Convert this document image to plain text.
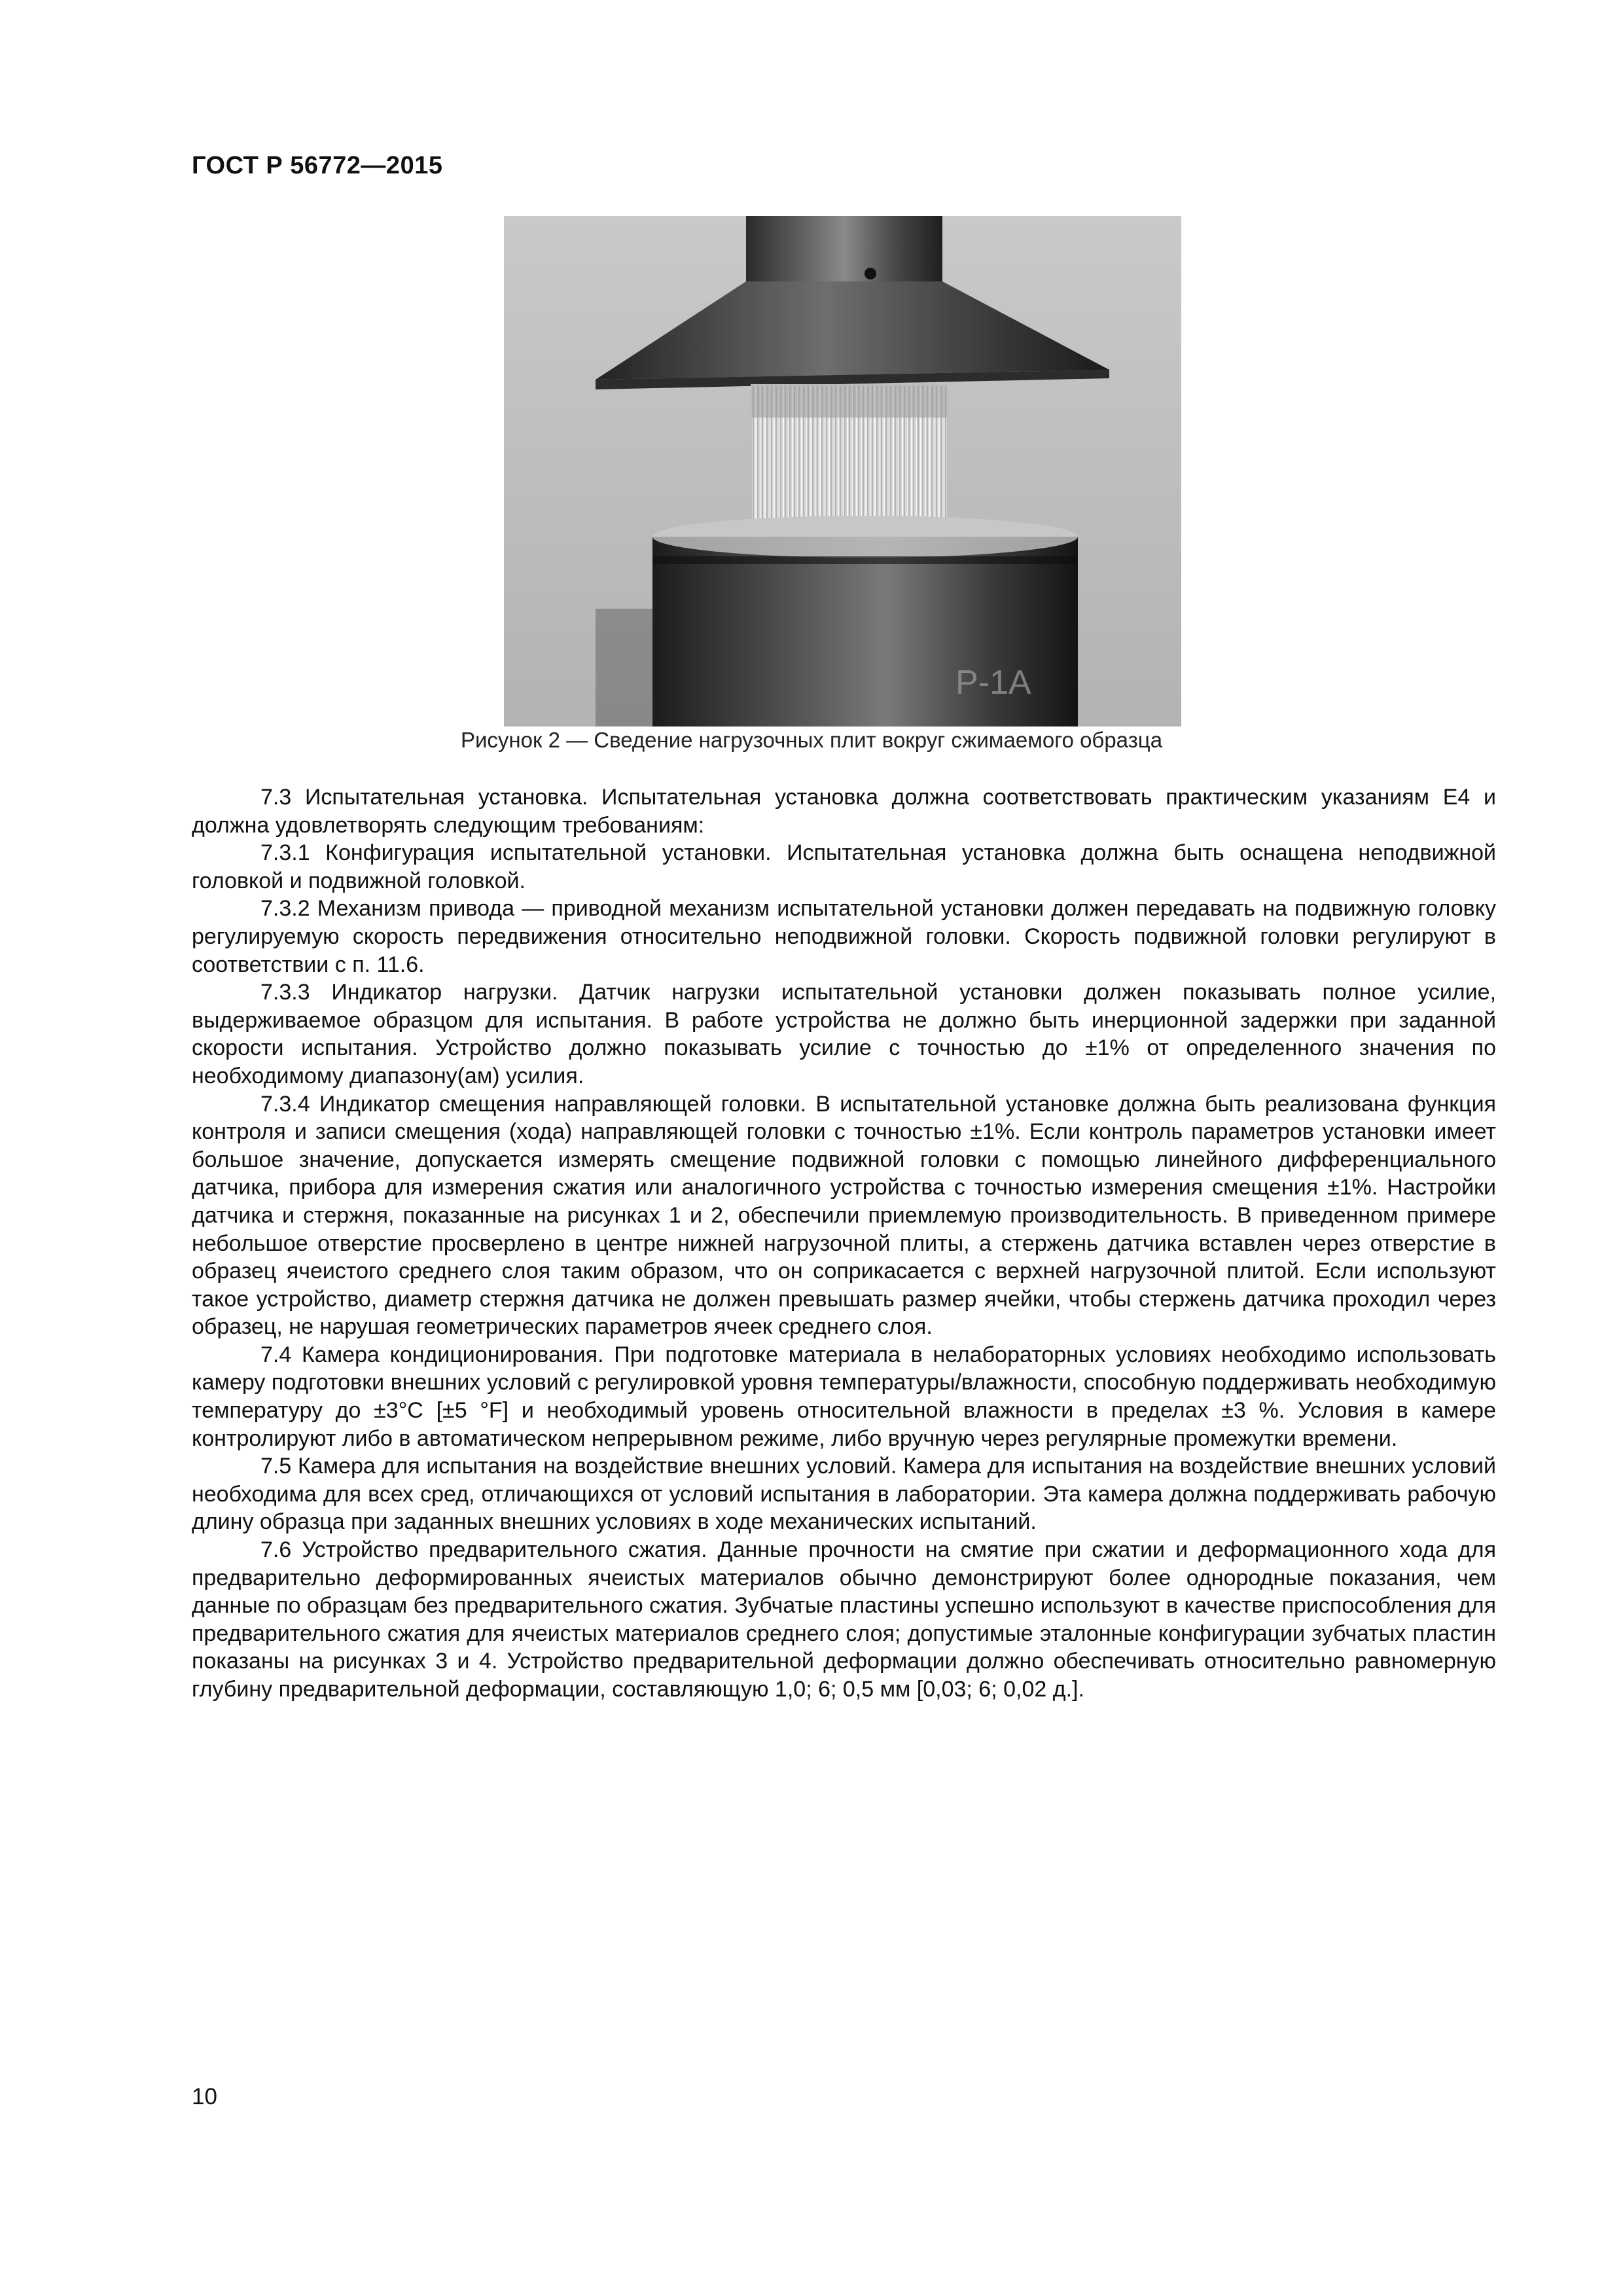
ГОСТ Р 56772—2015
P-1A
Рисунок 2 — Сведение нагрузочных плит вокруг сжимаемого образца

7.3 Испытательная установка. Испытательная установка должна соответствовать практическим указаниям E4 и должна удовлетворять следующим требованиям:

7.3.1 Конфигурация испытательной установки. Испытательная установка должна быть оснащена неподвижной головкой и подвижной головкой.

7.3.2 Механизм привода — приводной механизм испытательной установки должен передавать на подвижную головку регулируемую скорость передвижения относительно неподвижной головки. Скорость подвижной головки регулируют в соответствии с п. 11.6.

7.3.3 Индикатор нагрузки. Датчик нагрузки испытательной установки должен показывать полное усилие, выдерживаемое образцом для испытания. В работе устройства не должно быть инерционной задержки при заданной скорости испытания. Устройство должно показывать усилие с точностью до ±1% от определенного значения по необходимому диапазону(ам) усилия.

7.3.4 Индикатор смещения направляющей головки. В испытательной установке должна быть реализована функция контроля и записи смещения (хода) направляющей головки с точностью ±1%. Если контроль параметров установки имеет большое значение, допускается измерять смещение подвижной головки с помощью линейного дифференциального датчика, прибора для измерения сжатия или аналогичного устройства с точностью измерения смещения ±1%. Настройки датчика и стержня, показанные на рисунках 1 и 2, обеспечили приемлемую производительность. В приведенном примере небольшое отверстие просверлено в центре нижней нагрузочной плиты, а стержень датчика вставлен через отверстие в образец ячеистого среднего слоя таким образом, что он соприкасается с верхней нагрузочной плитой. Если используют такое устройство, диаметр стержня датчика не должен превышать размер ячейки, чтобы стержень датчика проходил через образец, не нарушая геометрических параметров ячеек среднего слоя.

7.4 Камера кондиционирования. При подготовке материала в нелабораторных условиях необходимо использовать камеру подготовки внешних условий с регулировкой уровня температуры/влажности, способную поддерживать необходимую температуру до ±3°С [±5 °F] и необходимый уровень относительной влажности в пределах ±3 %. Условия в камере контролируют либо в автоматическом непрерывном режиме, либо вручную через регулярные промежутки времени.

7.5 Камера для испытания на воздействие внешних условий. Камера для испытания на воздействие внешних условий необходима для всех сред, отличающихся от условий испытания в лаборатории. Эта камера должна поддерживать рабочую длину образца при заданных внешних условиях в ходе механических испытаний.

7.6 Устройство предварительного сжатия. Данные прочности на смятие при сжатии и деформационного хода для предварительно деформированных ячеистых материалов обычно демонстрируют более однородные показания, чем данные по образцам без предварительного сжатия. Зубчатые пластины успешно используют в качестве приспособления для предварительного сжатия для ячеистых материалов среднего слоя; допустимые эталонные конфигурации зубчатых пластин показаны на рисунках 3 и 4. Устройство предварительной деформации должно обеспечивать относительно равномерную глубину предварительной деформации, составляющую 1,0; 6; 0,5 мм [0,03; 6; 0,02 д.].

10
